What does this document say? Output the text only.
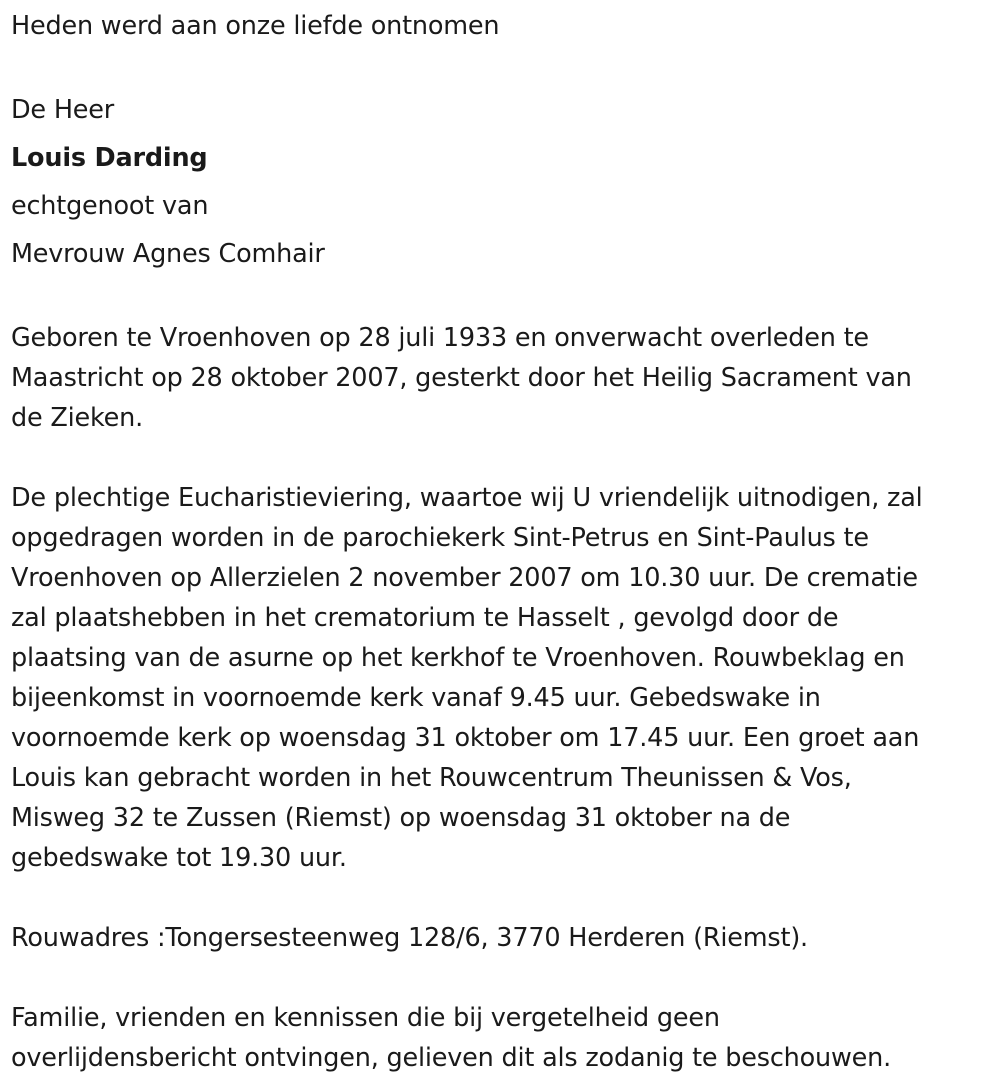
Heden werd aan onze liefde ontnomen

De Heer

Louis Darding

echtgenoot van

Mevrouw Agnes Comhair

Geboren te Vroenhoven op 28 juli 1933 en onverwacht overleden te
Maastricht op 28 oktober 2007, gesterkt door het Heilig Sacrament van
de Zieken.

De plechtige Eucharistieviering, waartoe wij U vriendelijk uitnodigen, zal
opgedragen worden in de parochiekerk Sint-Petrus en Sint-Paulus te
Vroenhoven op Allerzielen 2 november 2007 om 10.30 uur. De crematie
zal plaatshebben in het crematorium te Hasselt , gevolgd door de
plaatsing van de asurne op het kerkhof te Vroenhoven. Rouwbeklag en
bijeenkomst in voornoemde kerk vanaf 9.45 uur. Gebedswake in
voornoemde kerk op woensdag 31 oktober om 17.45 uur. Een groet aan
Louis kan gebracht worden in het Rouwcentrum Theunissen & Vos,
Misweg 32 te Zussen (Riemst) op woensdag 31 oktober na de
gebedswake tot 19.30 uur.

Rouwadres :Tongersesteenweg 128/6, 3770 Herderen (Riemst).

Familie, vrienden en kennissen die bij vergetelheid geen
overlijdensbericht ontvingen, gelieven dit als zodanig te beschouwen.
